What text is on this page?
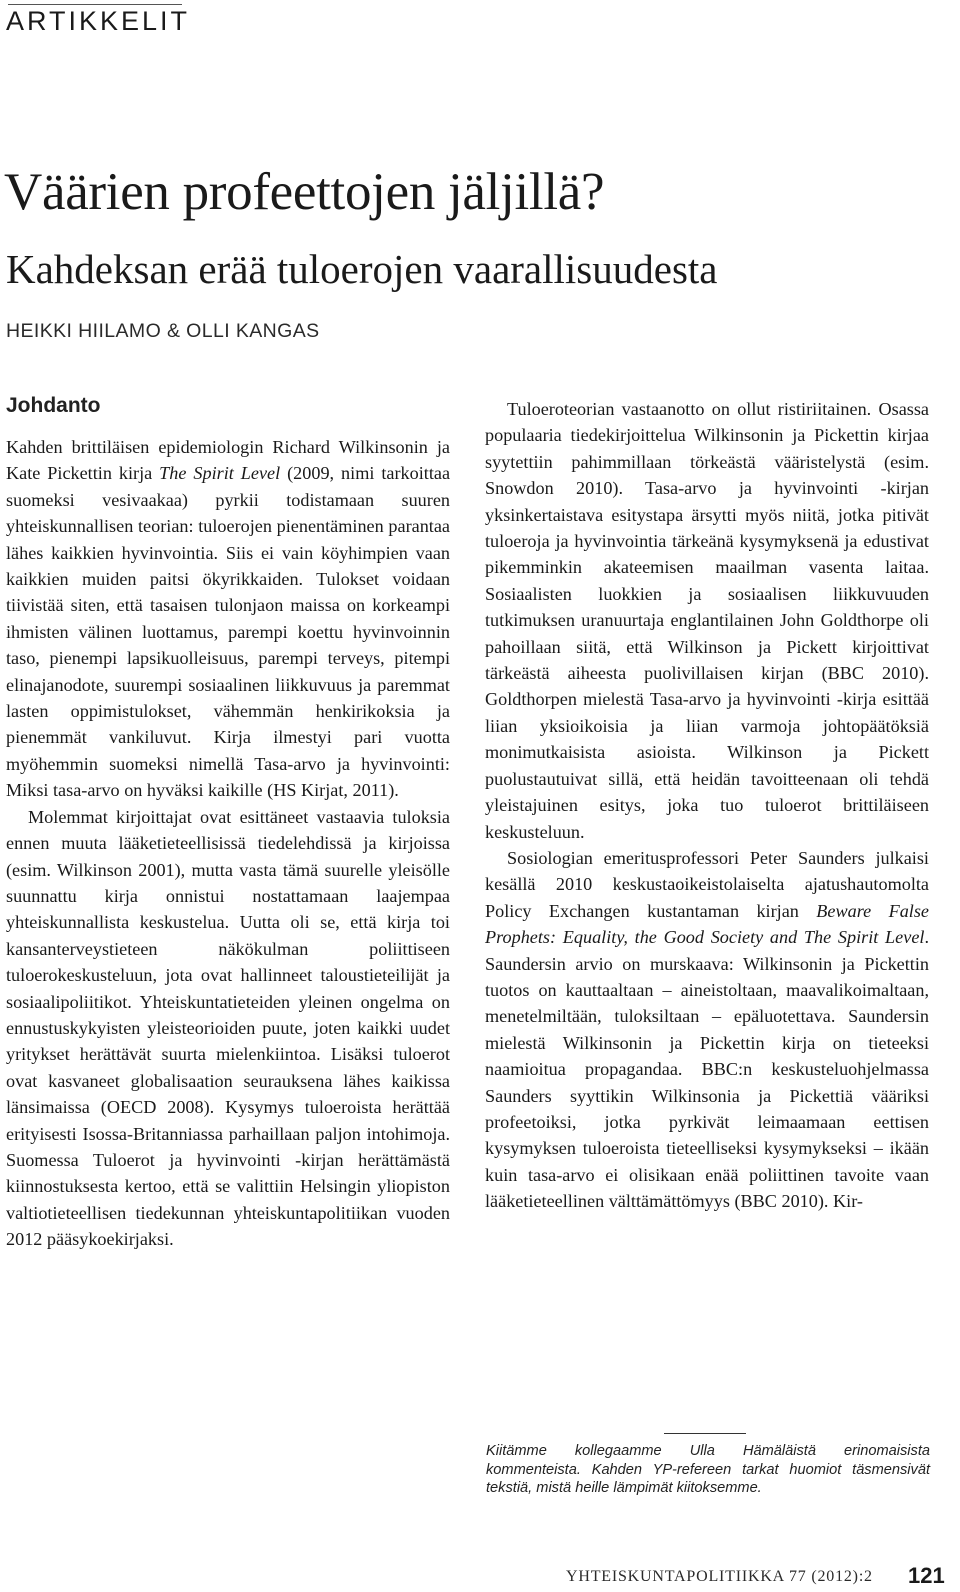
ARTIKKELIT
Väärien profeettojen jäljillä?
Kahdeksan erää tuloerojen vaarallisuudesta
HEIKKI HIILAMO & OLLI KANGAS
Johdanto

Kahden brittiläisen epidemiologin Richard Wilkinsonin ja Kate Pickettin kirja The Spirit Level (2009, nimi tarkoittaa suomeksi vesivaakaa) pyrkii todistamaan suuren yhteiskunnallisen teorian: tuloerojen pienentäminen parantaa lähes kaikkien hyvinvointia. Siis ei vain köyhimpien vaan kaikkien muiden paitsi ökyrikkaiden. Tulokset voidaan tiivistää siten, että tasaisen tulonjaon maissa on korkeampi ihmisten välinen luottamus, parempi koettu hyvinvoinnin taso, pienempi lapsikuolleisuus, parempi terveys, pitempi elinajanodote, suurempi sosiaalinen liikkuvuus ja paremmat lasten oppimistulokset, vähemmän henkirikoksia ja pienemmät vankiluvut. Kirja ilmestyi pari vuotta myöhemmin suomeksi nimellä Tasa-arvo ja hyvinvointi: Miksi tasa-arvo on hyväksi kaikille (HS Kirjat, 2011).

Molemmat kirjoittajat ovat esittäneet vastaavia tuloksia ennen muuta lääketieteellisissä tiedelehdissä ja kirjoissa (esim. Wilkinson 2001), mutta vasta tämä suurelle yleisölle suunnattu kirja onnistui nostattamaan laajempaa yhteiskunnallista keskustelua. Uutta oli se, että kirja toi kansanterveystieteen näkökulman poliittiseen tuloerokeskusteluun, jota ovat hallinneet taloustieteilijät ja sosiaalipoliitikot. Yhteiskuntatieteiden yleinen ongelma on ennustuskykyisten yleisteorioiden puute, joten kaikki uudet yritykset herättävät suurta mielenkiintoa. Lisäksi tuloerot ovat kasvaneet globalisaation seurauksena lähes kaikissa länsimaissa (OECD 2008). Kysymys tuloeroista herättää erityisesti Isossa-Britanniassa parhaillaan paljon intohimoja. Suomessa Tuloerot ja hyvinvointi -kirjan herättämästä kiinnostuksesta kertoo, että se valittiin Helsingin yliopiston valtiotieteellisen tiedekunnan yhteiskuntapolitiikan vuoden 2012 pääsykoekirjaksi.

Tuloeroteorian vastaanotto on ollut ristiriitainen. Osassa populaaria tiedekirjoittelua Wilkinsonin ja Pickettin kirjaa syytettiin pahimmillaan törkeästä vääristelystä (esim. Snowdon 2010). Tasa-arvo ja hyvinvointi -kirjan yksinkertaistava esitystapa ärsytti myös niitä, jotka pitivät tuloeroja ja hyvinvointia tärkeänä kysymyksenä ja edustivat pikemminkin akateemisen maailman vasenta laitaa. Sosiaalisten luokkien ja sosiaalisen liikkuvuuden tutkimuksen uranuurtaja englantilainen John Goldthorpe oli pahoillaan siitä, että Wilkinson ja Pickett kirjoittivat tärkeästä aiheesta puolivillaisen kirjan (BBC 2010). Goldthorpen mielestä Tasa-arvo ja hyvinvointi -kirja esittää liian yksioikoisia ja liian varmoja johtopäätöksiä monimutkaisista asioista. Wilkinson ja Pickett puolustautuivat sillä, että heidän tavoitteenaan oli tehdä yleistajuinen esitys, joka tuo tuloerot brittiläiseen keskusteluun.

Sosiologian emeritusprofessori Peter Saunders julkaisi kesällä 2010 keskustaoikeistolaiselta ajatushautomolta Policy Exchangen kustantaman kirjan Beware False Prophets: Equality, the Good Society and The Spirit Level. Saundersin arvio on murskaava: Wilkinsonin ja Pickettin tuotos on kauttaaltaan – aineistoltaan, maavalikoimaltaan, menetelmiltään, tuloksiltaan – epäluotettava. Saundersin mielestä Wilkinsonin ja Pickettin kirja on tieteeksi naamioitua propagandaa. BBC:n keskusteluohjelmassa Saunders syyttikin Wilkinsonia ja Pickettiä vääriksi profeetoiksi, jotka pyrkivät leimaamaan eettisen kysymyksen tuloeroista tieteelliseksi kysymykseksi – ikään kuin tasa-arvo ei olisikaan enää poliittinen tavoite vaan lääketieteellinen välttämättömyys (BBC 2010). Kir-

Kiitämme kollegaamme Ulla Hämäläistä erinomaisista kommenteista. Kahden YP-refereen tarkat huomiot täsmensivät tekstiä, mistä heille lämpimät kiitoksemme.
YHTEISKUNTAPOLITIIKKA 77 (2012):2 121
